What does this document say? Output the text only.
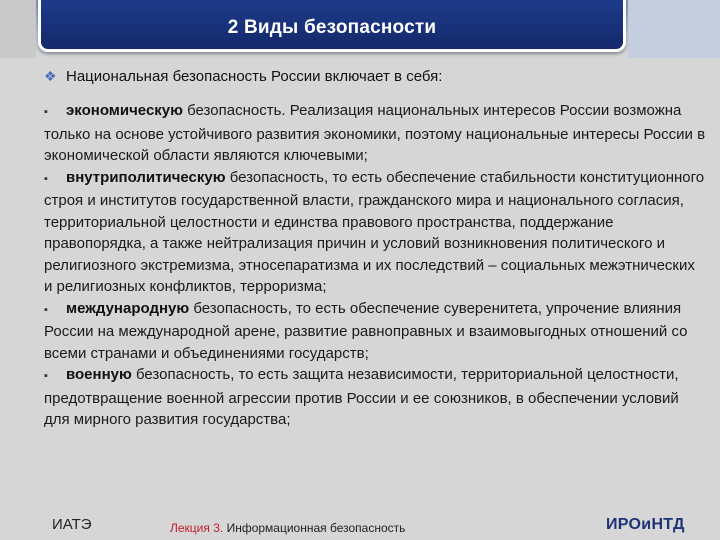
2 Виды безопасности
❖ Национальная безопасность России включает в себя:

▪ экономическую безопасность. Реализация национальных интересов России возможна только на основе устойчивого развития экономики, поэтому национальные интересы России в экономической области являются ключевыми;

▪ внутриполитическую безопасность, то есть обеспечение стабильности конституционного строя и институтов государственной власти, гражданского мира и национального согласия, территориальной целостности и единства правового пространства, поддержание правопорядка, а также нейтрализация причин и условий возникновения политического и религиозного экстремизма, этносепаратизма и их последствий – социальных межэтнических и религиозных конфликтов, терроризма;

▪ международную безопасность, то есть обеспечение суверенитета, упрочение влияния России на международной арене, развитие равноправных и взаимовыгодных отношений со всеми странами и объединениями государств;

▪ военную безопасность, то есть защита независимости, территориальной целостности, предотвращение военной агрессии против России и ее союзников, в обеспечении условий для мирного развития государства;

ИАТЭ	Лекция 3. Информационная безопасность	ИРОиНТД
